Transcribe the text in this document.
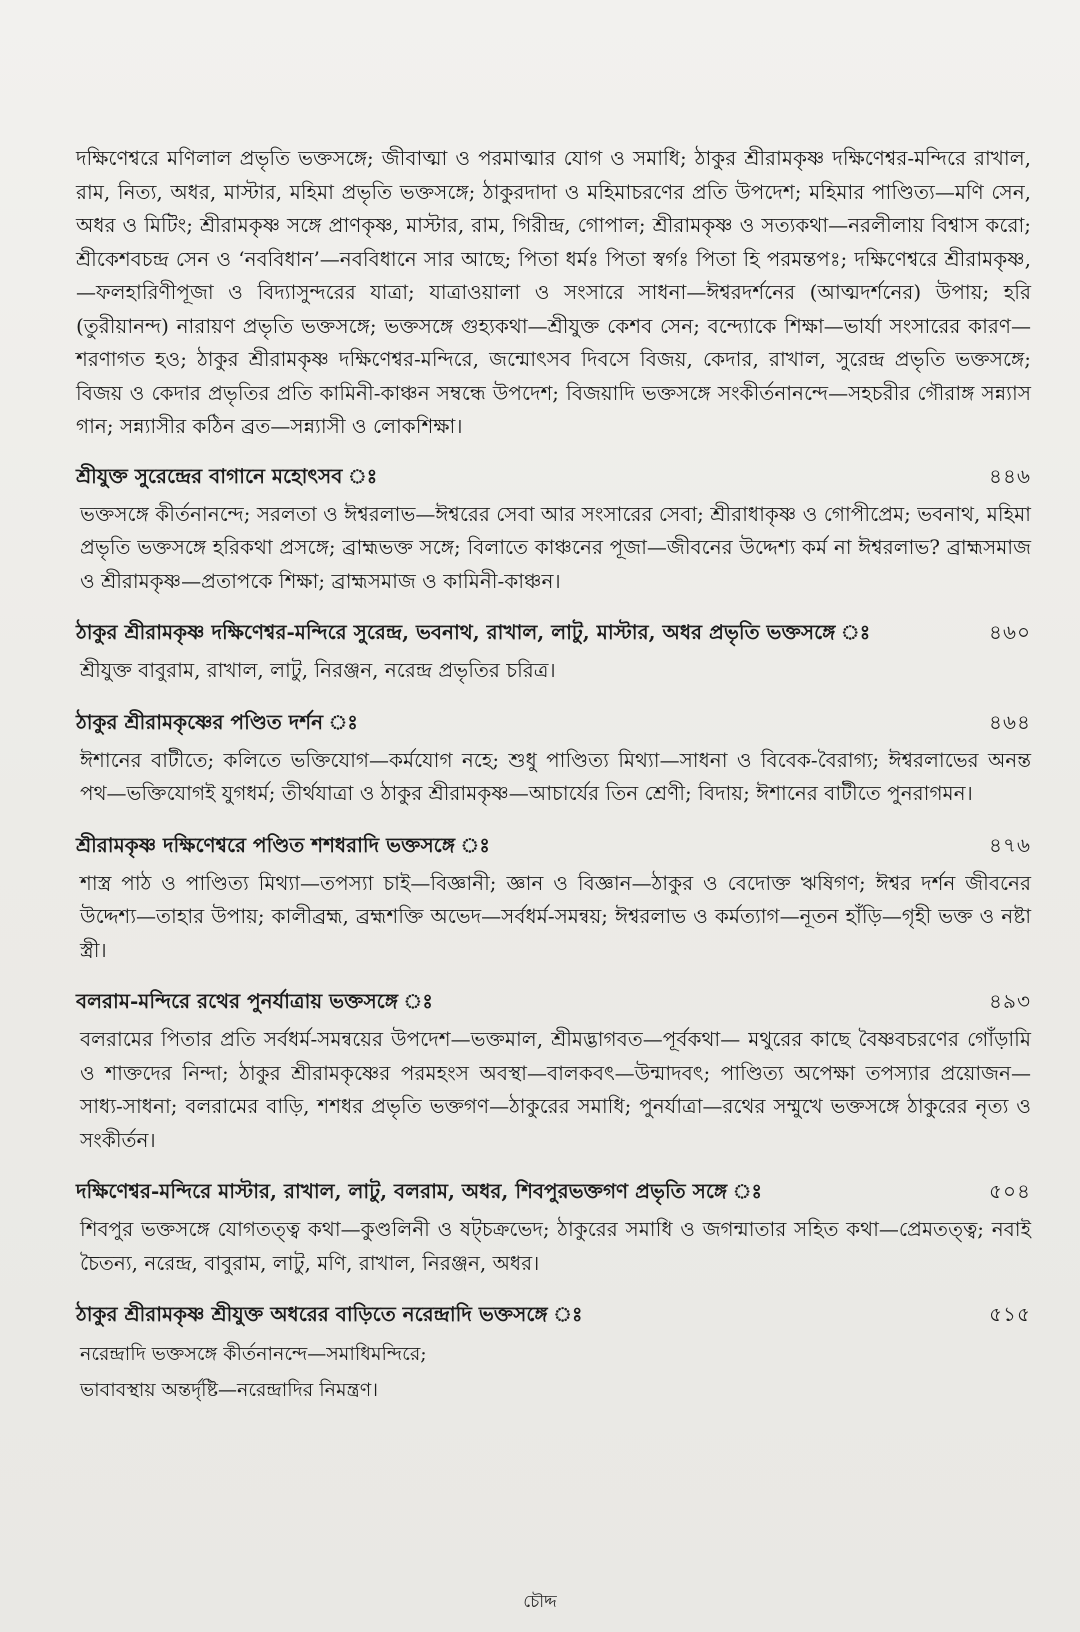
দক্ষিণেশ্বরে মণিলাল প্রভৃতি ভক্তসঙ্গে; জীবাত্মা ও পরমাত্মার যোগ ও সমাধি; ঠাকুর শ্রীরামকৃষ্ণ দক্ষিণেশ্বর-মন্দিরে রাখাল, রাম, নিত্য, অধর, মাস্টার, মহিমা প্রভৃতি ভক্তসঙ্গে; ঠাকুরদাদা ও মহিমাচরণের প্রতি উপদেশ; মহিমার পাণ্ডিত্য—মণি সেন, অধর ও মিটিং; শ্রীরামকৃষ্ণ সঙ্গে প্রাণকৃষ্ণ, মাস্টার, রাম, গিরীন্দ্র, গোপাল; শ্রীরামকৃষ্ণ ও সত্যকথা—নরলীলায় বিশ্বাস করো; শ্রীকেশবচন্দ্র সেন ও ‘নববিধান’—নববিধানে সার আছে; পিতা ধর্মঃ পিতা স্বর্গঃ পিতা হি পরমন্তপঃ; দক্ষিণেশ্বরে শ্রীরামকৃষ্ণ,—ফলহারিণীপূজা ও বিদ্যাসুন্দরের যাত্রা; যাত্রাওয়ালা ও সংসারে সাধনা—ঈশ্বরদর্শনের (আত্মদর্শনের) উপায়; হরি (তুরীয়ানন্দ) নারায়ণ প্রভৃতি ভক্তসঙ্গে; ভক্তসঙ্গে গুহ্যকথা—শ্রীযুক্ত কেশব সেন; বন্দ্যোকে শিক্ষা—ভার্যা সংসারের কারণ—শরণাগত হও; ঠাকুর শ্রীরামকৃষ্ণ দক্ষিণেশ্বর-মন্দিরে, জন্মোৎসব দিবসে বিজয়, কেদার, রাখাল, সুরেন্দ্র প্রভৃতি ভক্তসঙ্গে; বিজয় ও কেদার প্রভৃতির প্রতি কামিনী-কাঞ্চন সম্বন্ধে উপদেশ; বিজয়াদি ভক্তসঙ্গে সংকীর্তনানন্দে—সহচরীর গৌরাঙ্গ সন্ন্যাস গান; সন্ন্যাসীর কঠিন ব্রত—সন্ন্যাসী ও লোকশিক্ষা।

শ্রীযুক্ত সুরেন্দ্রের বাগানে মহোৎসব ঃ	৪৪৬

ভক্তসঙ্গে কীর্তনানন্দে; সরলতা ও ঈশ্বরলাভ—ঈশ্বরের সেবা আর সংসারের সেবা; শ্রীরাধাকৃষ্ণ ও গোপীপ্রেম; ভবনাথ, মহিমা প্রভৃতি ভক্তসঙ্গে হরিকথা প্রসঙ্গে; ব্রাহ্মভক্ত সঙ্গে; বিলাতে কাঞ্চনের পূজা—জীবনের উদ্দেশ্য কর্ম না ঈশ্বরলাভ? ব্রাহ্মসমাজ ও শ্রীরামকৃষ্ণ—প্রতাপকে শিক্ষা; ব্রাহ্মসমাজ ও কামিনী-কাঞ্চন।

ঠাকুর শ্রীরামকৃষ্ণ দক্ষিণেশ্বর-মন্দিরে সুরেন্দ্র, ভবনাথ, রাখাল, লাটু, মাস্টার, অধর প্রভৃতি ভক্তসঙ্গে ঃ	৪৬০

শ্রীযুক্ত বাবুরাম, রাখাল, লাটু, নিরঞ্জন, নরেন্দ্র প্রভৃতির চরিত্র।

ঠাকুর শ্রীরামকৃষ্ণের পণ্ডিত দর্শন ঃ	৪৬৪

ঈশানের বাটীতে; কলিতে ভক্তিযোগ—কর্মযোগ নহে; শুধু পাণ্ডিত্য মিথ্যা—সাধনা ও বিবেক-বৈরাগ্য; ঈশ্বরলাভের অনন্ত পথ—ভক্তিযোগই যুগধর্ম; তীর্থযাত্রা ও ঠাকুর শ্রীরামকৃষ্ণ—আচার্যের তিন শ্রেণী; বিদায়; ঈশানের বাটীতে পুনরাগমন।

শ্রীরামকৃষ্ণ দক্ষিণেশ্বরে পণ্ডিত শশধরাদি ভক্তসঙ্গে ঃ	৪৭৬

শাস্ত্র পাঠ ও পাণ্ডিত্য মিথ্যা—তপস্যা চাই—বিজ্ঞানী; জ্ঞান ও বিজ্ঞান—ঠাকুর ও বেদোক্ত ঋষিগণ; ঈশ্বর দর্শন জীবনের উদ্দেশ্য—তাহার উপায়; কালীব্রহ্ম, ব্রহ্মশক্তি অভেদ—সর্বধর্ম-সমন্বয়; ঈশ্বরলাভ ও কর্মত্যাগ—নূতন হাঁড়ি—গৃহী ভক্ত ও নষ্টা স্ত্রী।

বলরাম-মন্দিরে রথের পুনর্যাত্রায় ভক্তসঙ্গে ঃ	৪৯৩

বলরামের পিতার প্রতি সর্বধর্ম-সমন্বয়ের উপদেশ—ভক্তমাল, শ্রীমদ্ভাগবত—পূর্বকথা— মথুরের কাছে বৈষ্ণবচরণের গোঁড়ামি ও শাক্তদের নিন্দা; ঠাকুর শ্রীরামকৃষ্ণের পরমহংস অবস্থা—বালকবৎ—উন্মাদবৎ; পাণ্ডিত্য অপেক্ষা তপস্যার প্রয়োজন—সাধ্য-সাধনা; বলরামের বাড়ি, শশধর প্রভৃতি ভক্তগণ—ঠাকুরের সমাধি; পুনর্যাত্রা—রথের সম্মুখে ভক্তসঙ্গে ঠাকুরের নৃত্য ও সংকীর্তন।

দক্ষিণেশ্বর-মন্দিরে মাস্টার, রাখাল, লাটু, বলরাম, অধর, শিবপুরভক্তগণ প্রভৃতি সঙ্গে ঃ	৫০৪

শিবপুর ভক্তসঙ্গে যোগতত্ত্ব কথা—কুণ্ডলিনী ও ষট্‌চক্রভেদ; ঠাকুরের সমাধি ও জগন্মাতার সহিত কথা—প্রেমতত্ত্ব; নবাই চৈতন্য, নরেন্দ্র, বাবুরাম, লাটু, মণি, রাখাল, নিরঞ্জন, অধর।

ঠাকুর শ্রীরামকৃষ্ণ শ্রীযুক্ত অধরের বাড়িতে নরেন্দ্রাদি ভক্তসঙ্গে ঃ	৫১৫
নরেন্দ্রাদি ভক্তসঙ্গে কীর্তনানন্দে—সমাধিমন্দিরে;
ভাবাবস্থায় অন্তর্দৃষ্টি—নরেন্দ্রাদির নিমন্ত্রণ।
চৌদ্দ
